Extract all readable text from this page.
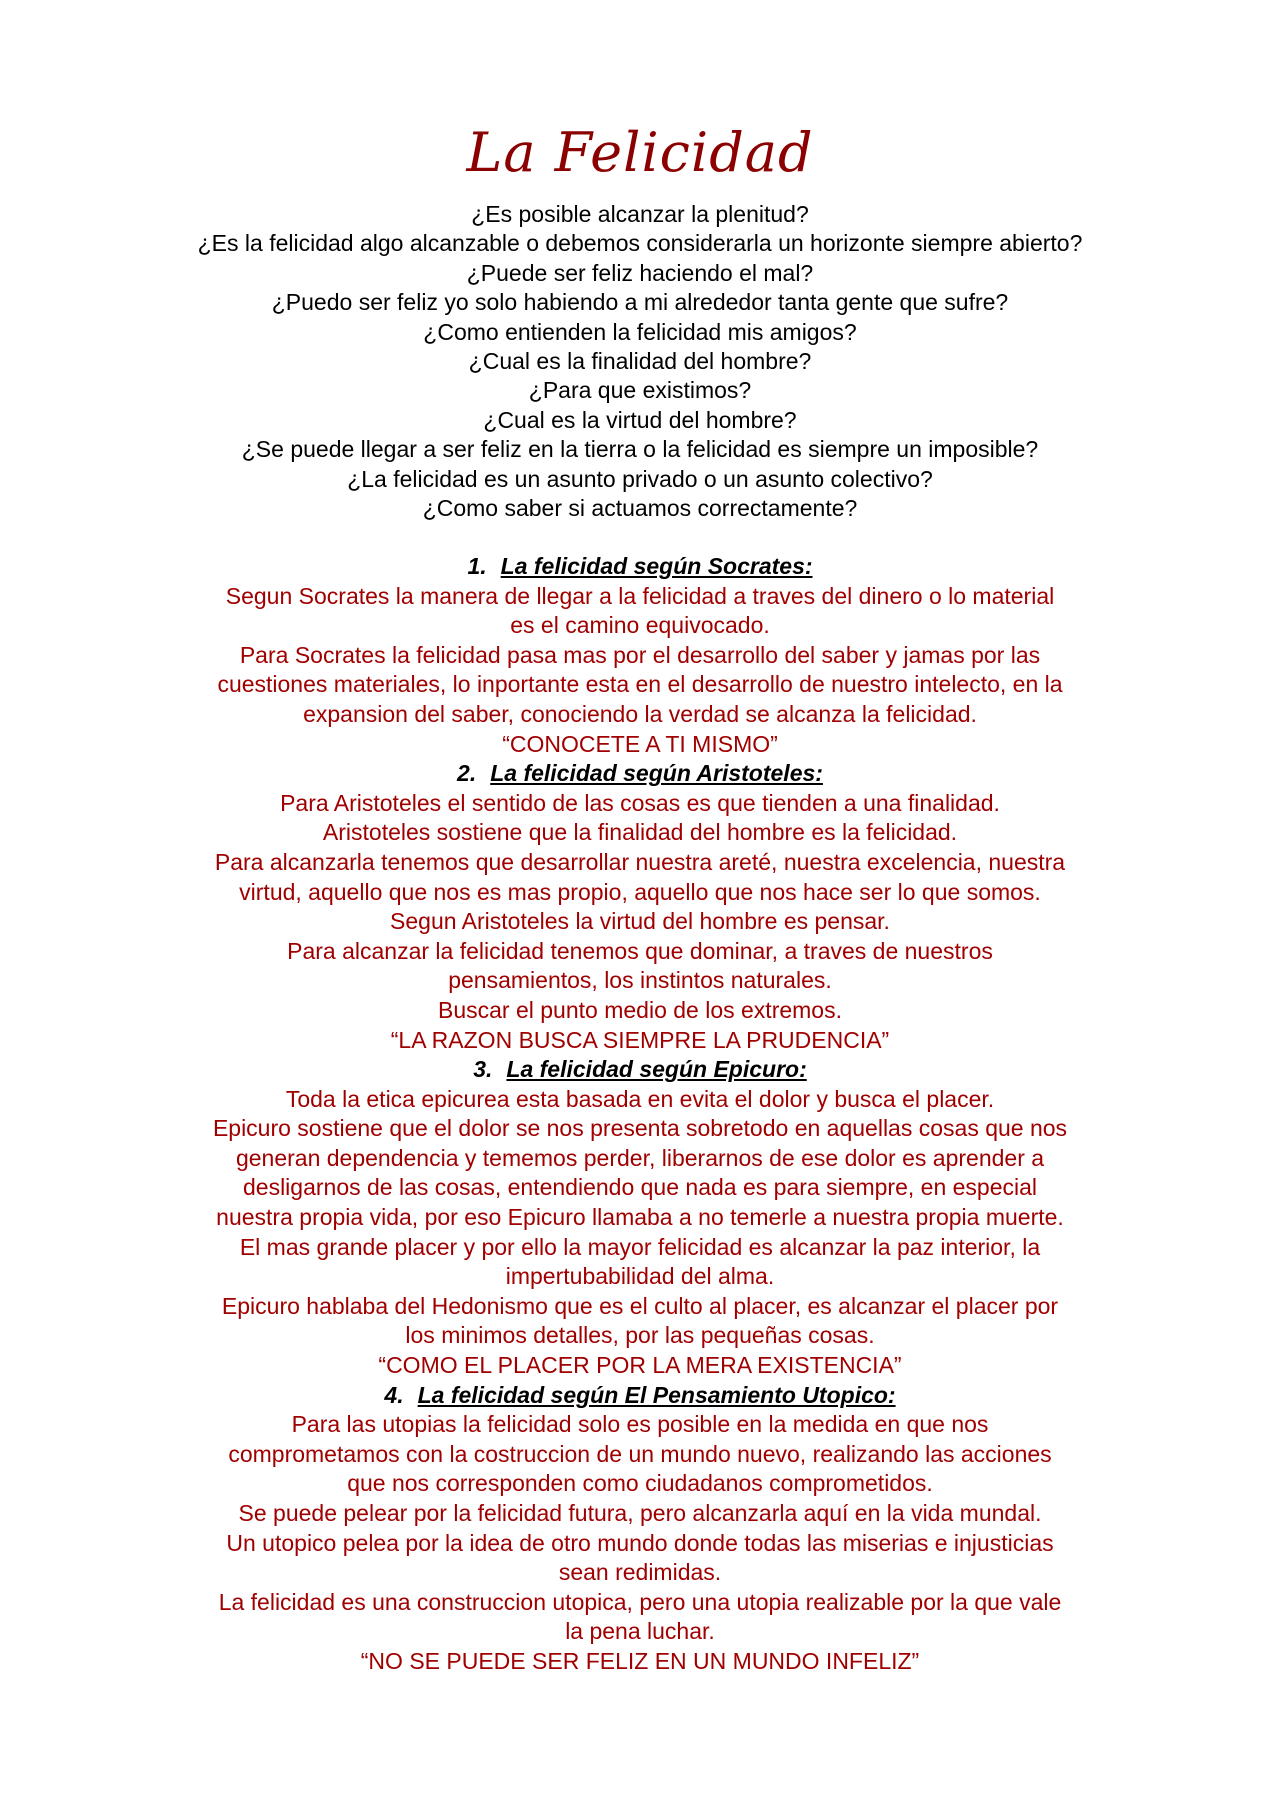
La Felicidad
¿Es posible alcanzar la plenitud?
¿Es la felicidad algo alcanzable o debemos considerarla un horizonte siempre abierto?
¿Puede ser feliz haciendo el mal?
¿Puedo ser feliz yo solo habiendo a mi alrededor tanta gente que sufre?
¿Como entienden la felicidad mis amigos?
¿Cual es la finalidad del hombre?
¿Para que existimos?
¿Cual es la virtud del hombre?
¿Se puede llegar a ser feliz en la tierra o la felicidad es siempre un imposible?
¿La felicidad es un asunto privado o un asunto colectivo?
¿Como saber si actuamos correctamente?
1. La felicidad según Socrates:
Segun Socrates la manera de llegar a la felicidad a traves del dinero o lo material
es el camino equivocado.
Para Socrates la felicidad pasa mas por el desarrollo del saber y jamas por las
cuestiones materiales, lo inportante esta en el desarrollo de nuestro intelecto, en la
expansion del saber, conociendo la verdad se alcanza la felicidad.
“CONOCETE A TI MISMO”
2. La felicidad según Aristoteles:
Para Aristoteles el sentido de las cosas es que tienden a una finalidad.
Aristoteles sostiene que la finalidad del hombre es la felicidad.
Para alcanzarla tenemos que desarrollar nuestra areté, nuestra excelencia, nuestra
virtud, aquello que nos es mas propio, aquello que nos hace ser lo que somos.
Segun Aristoteles la virtud del hombre es pensar.
Para alcanzar la felicidad tenemos que dominar, a traves de nuestros
pensamientos, los instintos naturales.
Buscar el punto medio de los extremos.
“LA RAZON BUSCA SIEMPRE LA PRUDENCIA”
3. La felicidad según Epicuro:
Toda la etica epicurea esta basada en evita el dolor y busca el placer.
Epicuro sostiene que el dolor se nos presenta sobretodo en aquellas cosas que nos
generan dependencia y tememos perder, liberarnos de ese dolor es aprender a
desligarnos de las cosas, entendiendo que nada es para siempre, en especial
nuestra propia vida, por eso Epicuro llamaba a no temerle a nuestra propia muerte.
El mas grande placer y por ello la mayor felicidad es alcanzar la paz interior, la
impertubabilidad del alma.
Epicuro hablaba del Hedonismo que es el culto al placer, es alcanzar el placer por
los minimos detalles, por las pequeñas cosas.
“COMO EL PLACER POR LA MERA EXISTENCIA”
4. La felicidad según El Pensamiento Utopico:
Para las utopias la felicidad solo es posible en la medida en que nos
comprometamos con la costruccion de un mundo nuevo, realizando las acciones
que nos corresponden como ciudadanos comprometidos.
Se puede pelear por la felicidad futura, pero alcanzarla aquí en la vida mundal.
Un utopico pelea por la idea de otro mundo donde todas las miserias e injusticias
sean redimidas.
La felicidad es una construccion utopica, pero una utopia realizable por la que vale
la pena luchar.
“NO SE PUEDE SER FELIZ EN UN MUNDO INFELIZ”
